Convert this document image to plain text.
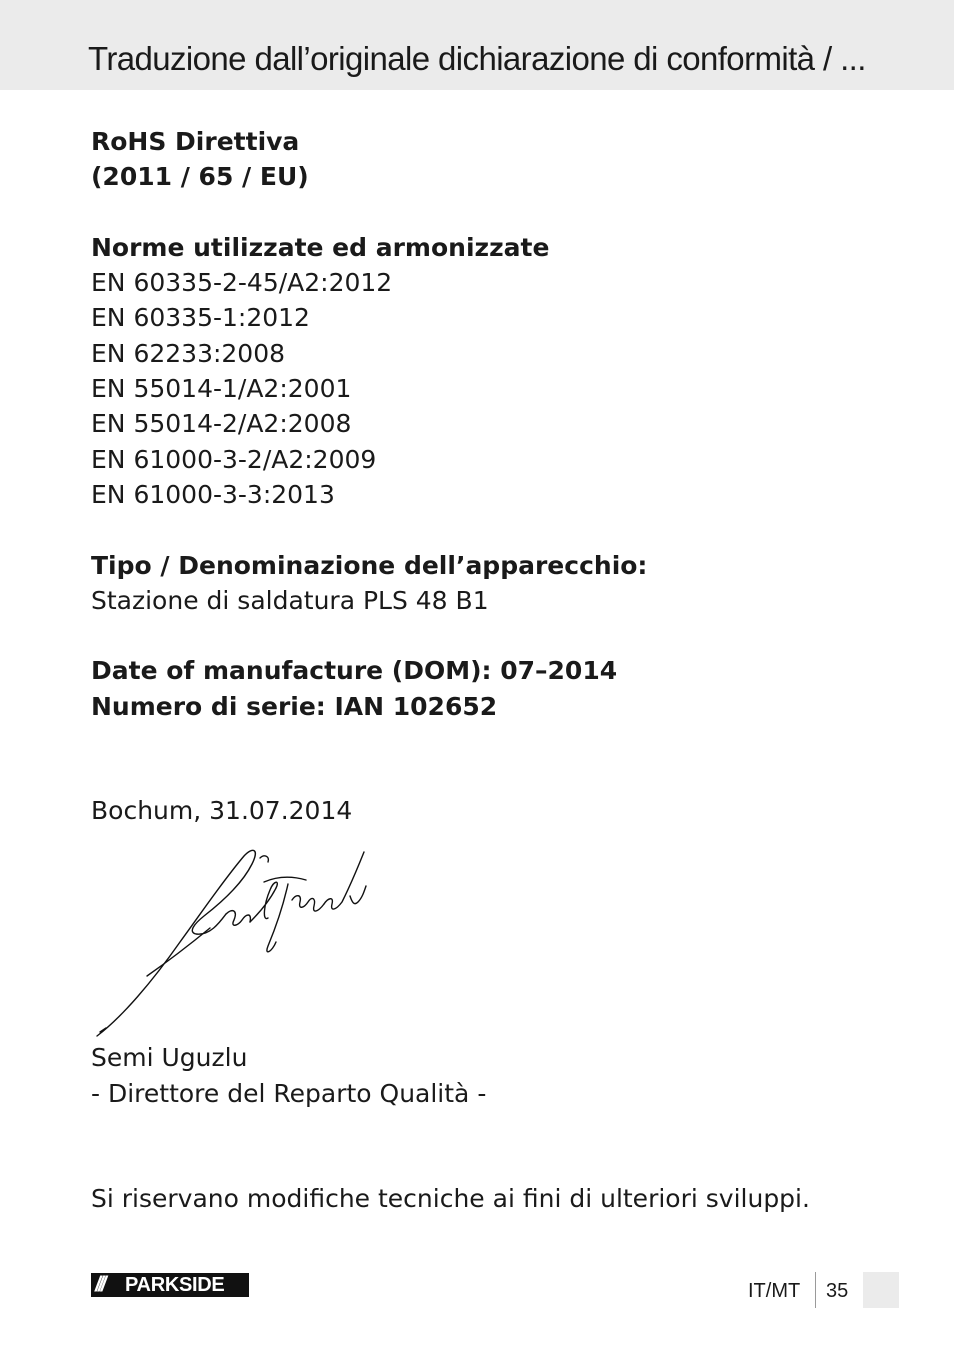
Traduzione dall’originale dichiarazione di conformità / ...
RoHS Direttiva
(2011 / 65 / EU)
Norme utilizzate ed armonizzate
EN 60335-2-45/A2:2012
EN 60335-1:2012
EN 62233:2008
EN 55014-1/A2:2001
EN 55014-2/A2:2008
EN 61000-3-2/A2:2009
EN 61000-3-3:2013
Tipo / Denominazione dell’apparecchio:
Stazione di saldatura PLS 48 B1
Date of manufacture (DOM): 07–2014
Numero di serie: IAN 102652
Bochum, 31.07.2014
Semi Uguzlu
- Direttore del Reparto Qualità -
Si riservano modifiche tecniche ai fini di ulteriori sviluppi.
/// PARKSIDE	IT/MT 35
